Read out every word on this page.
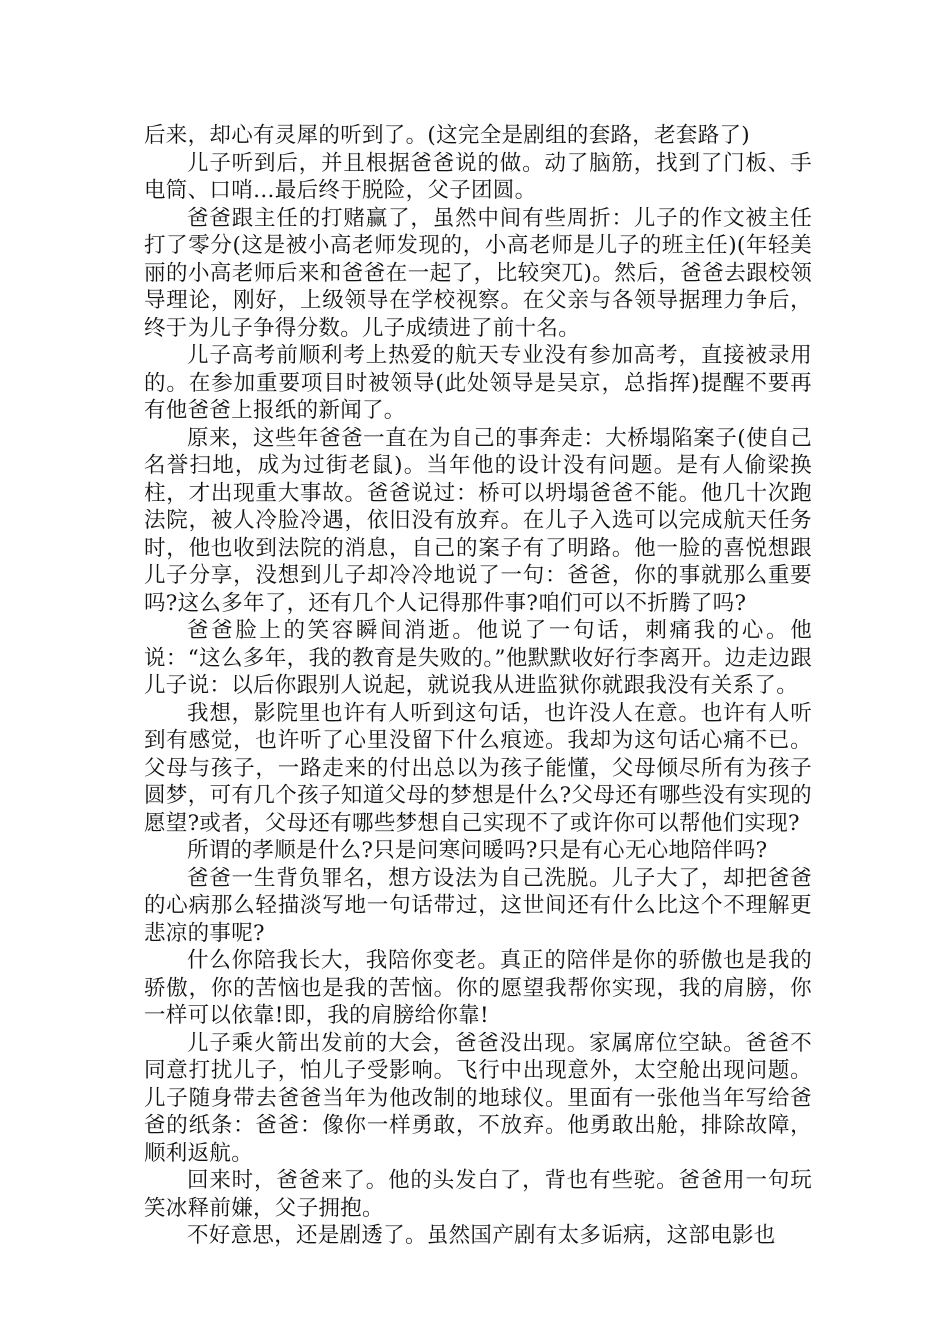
后来，却心有灵犀的听到了。(这完全是剧组的套路，老套路了)

儿子听到后，并且根据爸爸说的做。动了脑筋，找到了门板、手电筒、口哨…最后终于脱险，父子团圆。

爸爸跟主任的打赌赢了，虽然中间有些周折：儿子的作文被主任打了零分(这是被小高老师发现的，小高老师是儿子的班主任)(年轻美丽的小高老师后来和爸爸在一起了，比较突兀)。然后，爸爸去跟校领导理论，刚好，上级领导在学校视察。在父亲与各领导据理力争后，终于为儿子争得分数。儿子成绩进了前十名。

儿子高考前顺利考上热爱的航天专业没有参加高考，直接被录用的。在参加重要项目时被领导(此处领导是吴京，总指挥)提醒不要再有他爸爸上报纸的新闻了。

原来，这些年爸爸一直在为自己的事奔走：大桥塌陷案子(使自己名誉扫地，成为过街老鼠)。当年他的设计没有问题。是有人偷梁换柱，才出现重大事故。爸爸说过：桥可以坍塌爸爸不能。他几十次跑法院，被人冷脸冷遇，依旧没有放弃。在儿子入选可以完成航天任务时，他也收到法院的消息，自己的案子有了明路。他一脸的喜悦想跟儿子分享，没想到儿子却冷冷地说了一句：爸爸，你的事就那么重要吗?这么多年了，还有几个人记得那件事?咱们可以不折腾了吗?

爸爸脸上的笑容瞬间消逝。他说了一句话，刺痛我的心。他说：“这么多年，我的教育是失败的。”他默默收好行李离开。边走边跟儿子说：以后你跟别人说起，就说我从进监狱你就跟我没有关系了。

我想，影院里也许有人听到这句话，也许没人在意。也许有人听到有感觉，也许听了心里没留下什么痕迹。我却为这句话心痛不已。父母与孩子，一路走来的付出总以为孩子能懂，父母倾尽所有为孩子圆梦，可有几个孩子知道父母的梦想是什么?父母还有哪些没有实现的愿望?或者，父母还有哪些梦想自己实现不了或许你可以帮他们实现?

所谓的孝顺是什么?只是问寒问暖吗?只是有心无心地陪伴吗?

爸爸一生背负罪名，想方设法为自己洗脱。儿子大了，却把爸爸的心病那么轻描淡写地一句话带过，这世间还有什么比这个不理解更悲凉的事呢?

什么你陪我长大，我陪你变老。真正的陪伴是你的骄傲也是我的骄傲，你的苦恼也是我的苦恼。你的愿望我帮你实现，我的肩膀，你一样可以依靠!即，我的肩膀给你靠!

儿子乘火箭出发前的大会，爸爸没出现。家属席位空缺。爸爸不同意打扰儿子，怕儿子受影响。飞行中出现意外，太空舱出现问题。儿子随身带去爸爸当年为他改制的地球仪。里面有一张他当年写给爸爸的纸条：爸爸：像你一样勇敢，不放弃。他勇敢出舱，排除故障，顺利返航。

回来时，爸爸来了。他的头发白了，背也有些驼。爸爸用一句玩笑冰释前嫌，父子拥抱。

不好意思，还是剧透了。虽然国产剧有太多诟病，这部电影也
